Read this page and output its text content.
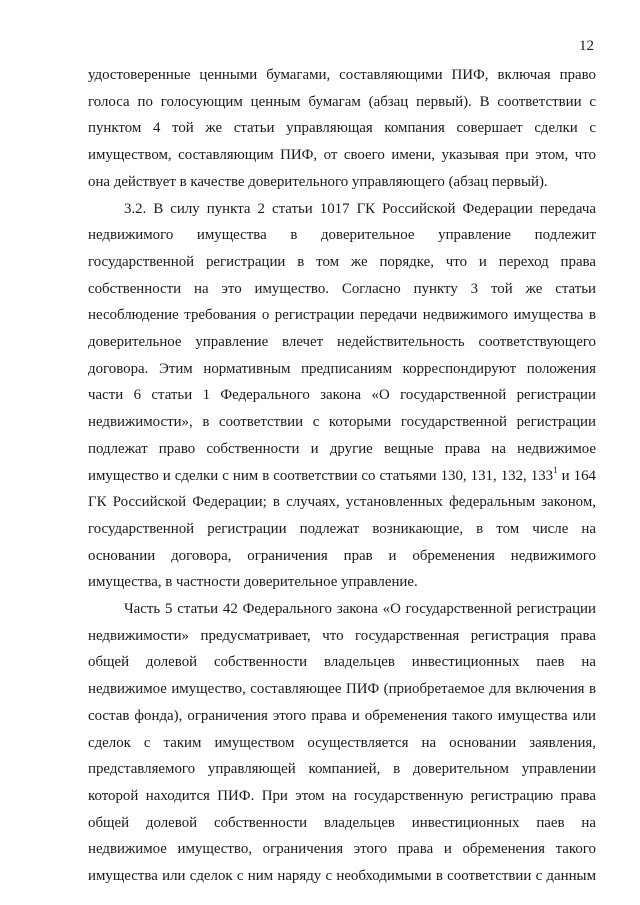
12
удостоверенные ценными бумагами, составляющими ПИФ, включая право
голоса по голосующим ценным бумагам (абзац первый). В соответствии с
пунктом 4 той же статьи управляющая компания совершает сделки с
имуществом, составляющим ПИФ, от своего имени, указывая при этом, что
она действует в качестве доверительного управляющего (абзац первый).
3.2. В силу пункта 2 статьи 1017 ГК Российской Федерации передача
недвижимого имущества в доверительное управление подлежит
государственной регистрации в том же порядке, что и переход права
собственности на это имущество. Согласно пункту 3 той же статьи
несоблюдение требования о регистрации передачи недвижимого имущества в
доверительное управление влечет недействительность соответствующего
договора. Этим нормативным предписаниям корреспондируют положения
части 6 статьи 1 Федерального закона «О государственной регистрации
недвижимости», в соответствии с которыми государственной регистрации
подлежат право собственности и другие вещные права на недвижимое
имущество и сделки с ним в соответствии со статьями 130, 131, 132, $133^1$ и 164
ГК Российской Федерации; в случаях, установленных федеральным законом,
государственной регистрации подлежат возникающие, в том числе на
основании договора, ограничения прав и обременения недвижимого
имущества, в частности доверительное управление.
Часть 5 статьи 42 Федерального закона «О государственной регистрации
недвижимости» предусматривает, что государственная регистрация права
общей долевой собственности владельцев инвестиционных паев на
недвижимое имущество, составляющее ПИФ (приобретаемое для включения в
состав фонда), ограничения этого права и обременения такого имущества или
сделок с таким имуществом осуществляется на основании заявления,
представляемого управляющей компанией, в доверительном управлении
которой находится ПИФ. При этом на государственную регистрацию права
общей долевой собственности владельцев инвестиционных паев на
недвижимое имущество, ограничения этого права и обременения такого
имущества или сделок с ним наряду с необходимыми в соответствии с данным
